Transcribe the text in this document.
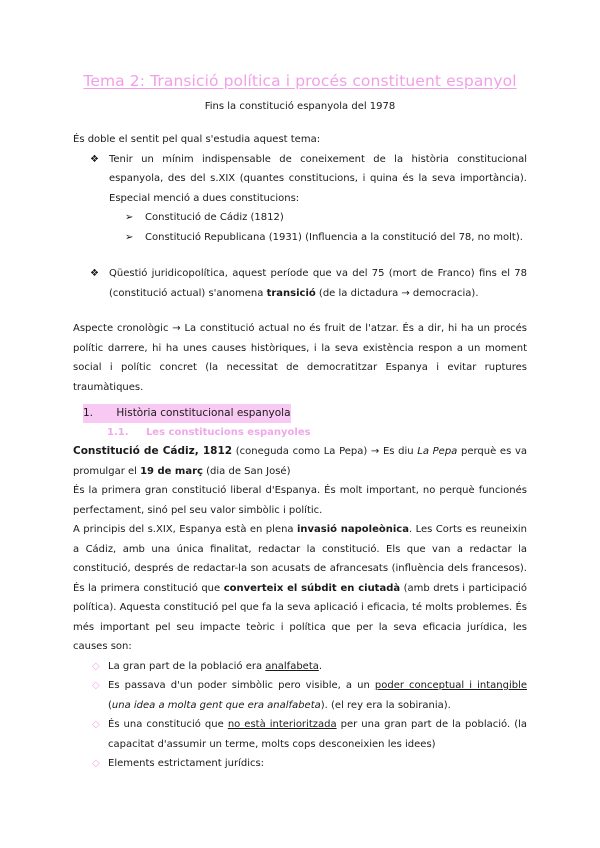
Tema 2: Transició política i procés constituent espanyol
Fins la constitució espanyola del 1978

És doble el sentit pel qual s'estudia aquest tema:

❖ Tenir un mínim indispensable de coneixement de la història constitucional espanyola, des del s.XIX (quantes constitucions, i quina és la seva importància). Especial menció a dues constitucions:

➢ Constitució de Cádiz (1812)

➢ Constitució Republicana (1931) (Influencia a la constitució del 78, no molt).

❖ Qüestió juridicopolítica, aquest període que va del 75 (mort de Franco) fins el 78 (constitució actual) s'anomena transició (de la dictadura → democracia).

Aspecte cronològic → La constitució actual no és fruit de l'atzar. És a dir, hi ha un procés polític darrere, hi ha unes causes històriques, i la seva existència respon a un moment social i polític concret (la necessitat de democratitzar Espanya i evitar ruptures traumàtiques.

1. Història constitucional espanyola
1.1. Les constitucions espanyoles

Constitució de Cádiz, 1812 (coneguda como La Pepa) → Es diu La Pepa perquè es va promulgar el 19 de març (dia de San José)

És la primera gran constitució liberal d'Espanya. És molt important, no perquè funcionés perfectament, sinó pel seu valor simbòlic i polític.

A principis del s.XIX, Espanya està en plena invasió napoleònica. Les Corts es reuneixin a Cádiz, amb una única finalitat, redactar la constitució. Els que van a redactar la constitució, després de redactar-la son acusats de afrancesats (influència dels francesos). És la primera constitució que converteix el súbdit en ciutadà (amb drets i participació política). Aquesta constitució pel que fa la seva aplicació i eficacia, té molts problemes. És més important pel seu impacte teòric i política que per la seva eficacia jurídica, les causes son:

◇ La gran part de la població era analfabeta.

◇ Es passava d'un poder simbòlic pero visible, a un poder conceptual i intangible (una idea a molta gent que era analfabeta). (el rey era la sobirania).

◇ És una constitució que no està interioritzada per una gran part de la població. (la capacitat d'assumir un terme, molts cops desconeixien les idees)

◇ Elements estrictament jurídics:
